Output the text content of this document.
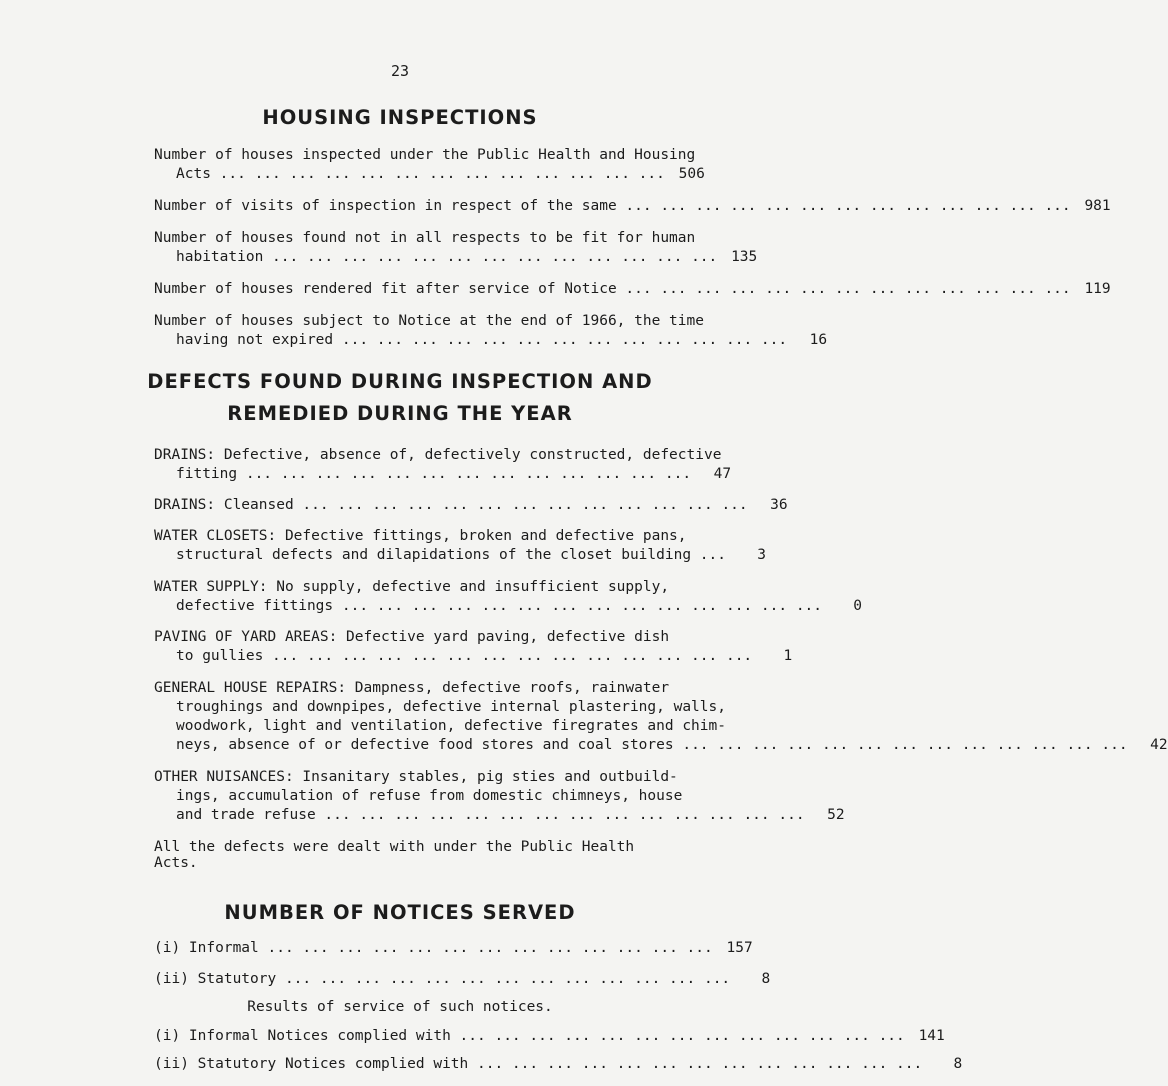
23
HOUSING INSPECTIONS
Number of houses inspected under the Public Health and Housing
Acts ...	506
Number of visits of inspection in respect of the same ...	981
Number of houses found not in all respects to be fit for human
habitation ...	135
Number of houses rendered fit after service of Notice ...	119
Number of houses subject to Notice at the end of 1966, the time
having not expired ...	16
DEFECTS FOUND DURING INSPECTION AND
REMEDIED DURING THE YEAR
DRAINS: Defective, absence of, defectively constructed, defective
fitting ...	47
DRAINS: Cleansed ...	36
WATER CLOSETS: Defective fittings, broken and defective pans,
structural defects and dilapidations of the closet building ...	3
WATER SUPPLY: No supply, defective and insufficient supply,
defective fittings ... ...	0
PAVING OF YARD AREAS: Defective yard paving, defective dish
to gullies ... ...	1
GENERAL HOUSE REPAIRS: Dampness, defective roofs, rainwater
troughings and downpipes, defective internal plastering, walls,
woodwork, light and ventilation, defective firegrates and chim-
neys, absence of or defective food stores and coal stores ...	42
OTHER NUISANCES: Insanitary stables, pig sties and outbuild-
ings, accumulation of refuse from domestic chimneys, house
and trade refuse ... ...	52
All the defects were dealt with under the Public Health Acts.
NUMBER OF NOTICES SERVED
(i) Informal ...	157
(ii) Statutory ...	8
Results of service of such notices.
(i) Informal Notices complied with ...	141
(ii) Statutory Notices complied with ...	8
